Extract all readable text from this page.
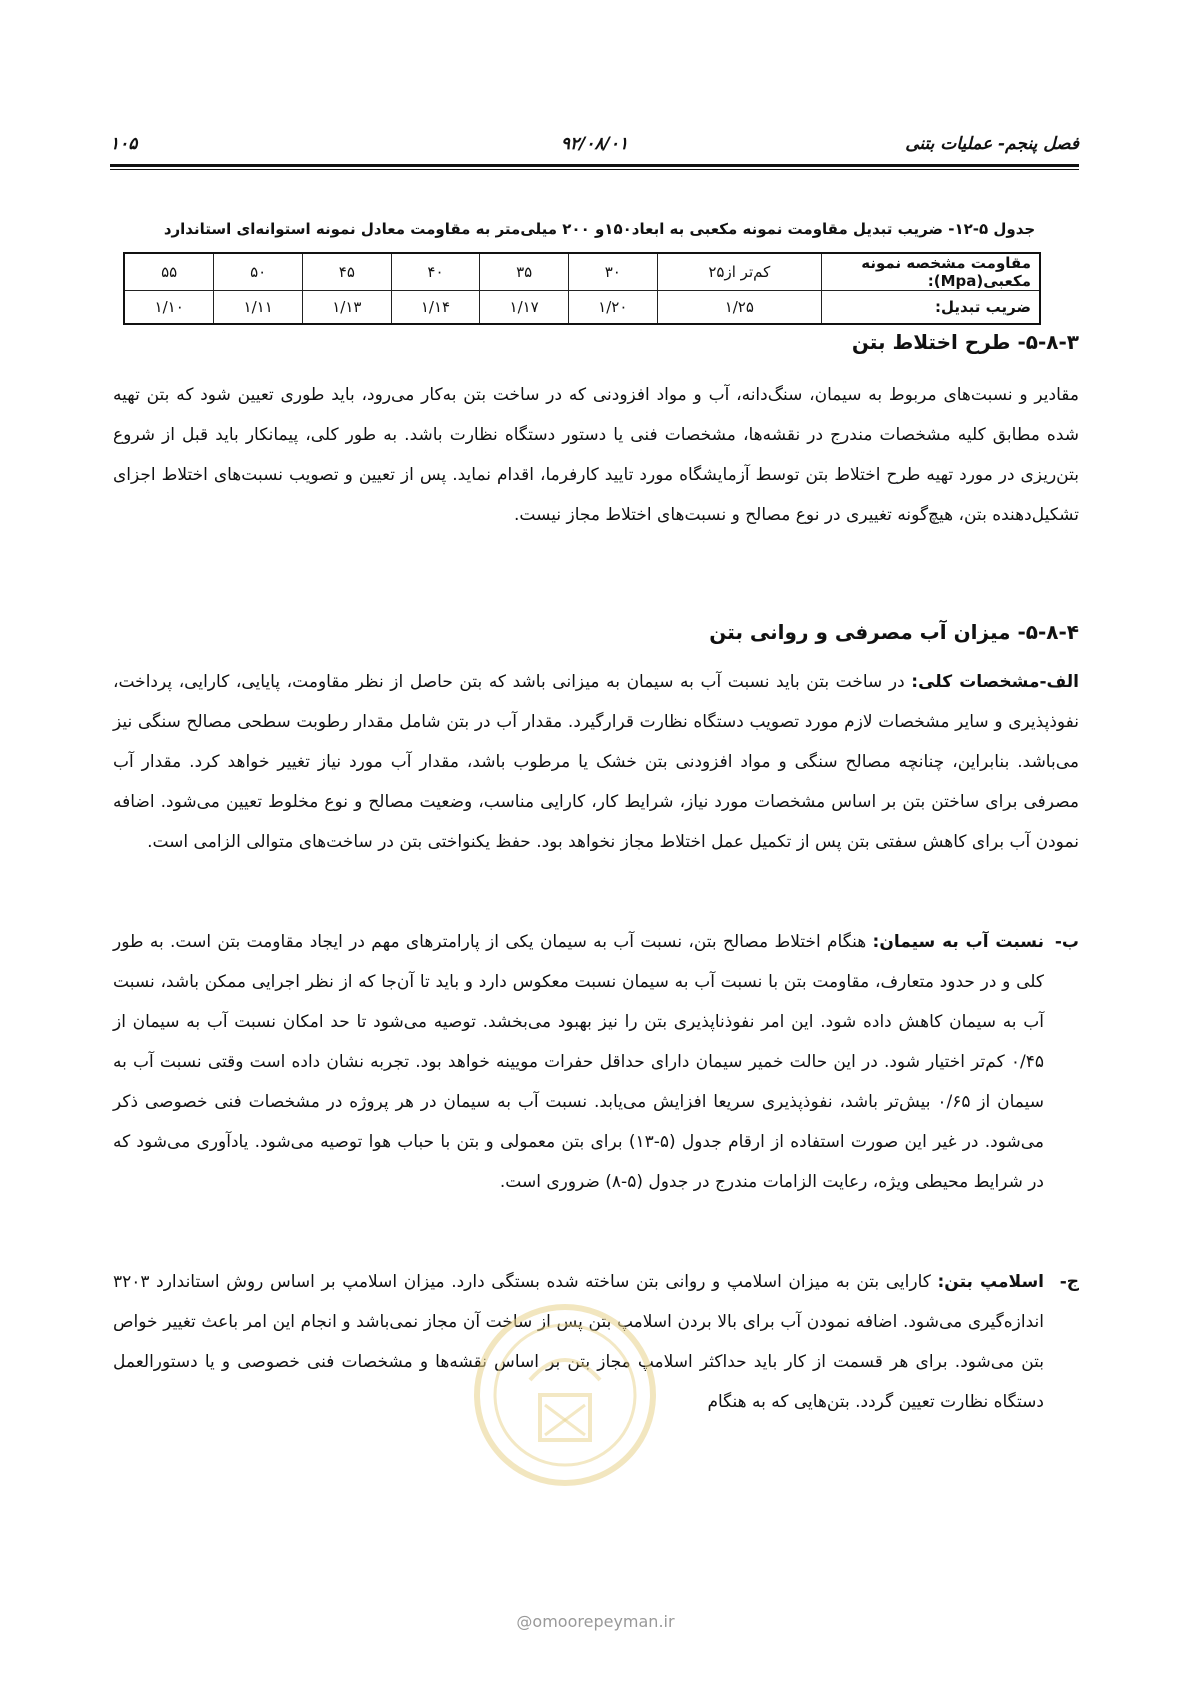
فصل پنجم- عملیات بتنی
۹۲/۰۸/۰۱
۱۰۵
جدول ۵-۱۲- ضریب تبدیل مقاومت نمونه مکعبی به ابعاد۱۵۰و ۲۰۰ میلی‌متر به مقاومت معادل نمونه استوانه‌ای استاندارد
مقاومت مشخصه نمونه مکعبی(Mpa):	کم‌تر از۲۵	۳۰	۳۵	۴۰	۴۵	۵۰	۵۵
ضریب تبدیل:	۱/۲۵	۱/۲۰	۱/۱۷	۱/۱۴	۱/۱۳	۱/۱۱	۱/۱۰
۵-۸-۳- طرح اختلاط بتن
مقادیر و نسبت‌های مربوط به سیمان، سنگ‌دانه، آب و مواد افزودنی که در ساخت بتن به‌کار می‌رود، باید طوری تعیین شود که بتن تهیه شده مطابق کلیه مشخصات مندرج در نقشه‌ها، مشخصات فنی یا دستور دستگاه نظارت باشد. به طور کلی، پیمانکار باید قبل از شروع بتن‌ریزی در مورد تهیه طرح اختلاط بتن توسط آزمایشگاه مورد تایید کارفرما، اقدام نماید. پس از تعیین و تصویب نسبت‌های اختلاط اجزای تشکیل‌دهنده بتن، هیچ‌گونه تغییری در نوع مصالح و نسبت‌های اختلاط مجاز نیست.
۵-۸-۴- میزان آب مصرفی و روانی بتن
الف-مشخصات کلی: در ساخت بتن باید نسبت آب به سیمان به میزانی باشد که بتن حاصل از نظر مقاومت، پایایی، کارایی، پرداخت، نفوذپذیری و سایر مشخصات لازم مورد تصویب دستگاه نظارت قرارگیرد. مقدار آب در بتن شامل مقدار رطوبت سطحی مصالح سنگی نیز می‌باشد. بنابراین، چنانچه مصالح سنگی و مواد افزودنی بتن خشک یا مرطوب باشد، مقدار آب مورد نیاز تغییر خواهد کرد. مقدار آب مصرفی برای ساختن بتن بر اساس مشخصات مورد نیاز، شرایط کار، کارایی مناسب، وضعیت مصالح و نوع مخلوط تعیین می‌شود. اضافه نمودن آب برای کاهش سفتی بتن پس از تکمیل عمل اختلاط مجاز نخواهد بود. حفظ یکنواختی بتن در ساخت‌های متوالی الزامی است.
ب-
نسبت آب به سیمان: هنگام اختلاط مصالح بتن، نسبت آب به سیمان یکی از پارامترهای مهم در ایجاد مقاومت بتن است. به طور کلی و در حدود متعارف، مقاومت بتن با نسبت آب به سیمان نسبت معکوس دارد و باید تا آن‌جا که از نظر اجرایی ممکن باشد، نسبت آب به سیمان کاهش داده شود. این امر نفوذناپذیری بتن را نیز بهبود می‌بخشد. توصیه می‌شود تا حد امکان نسبت آب به سیمان از ۰/۴۵ کم‌تر اختیار شود. در این حالت خمیر سیمان دارای حداقل حفرات مویینه خواهد بود. تجربه نشان داده است وقتی نسبت آب به سیمان از ۰/۶۵ بیش‌تر باشد، نفوذپذیری سریعا افزایش می‌یابد. نسبت آب به سیمان در هر پروژه در مشخصات فنی خصوصی ذکر می‌شود. در غیر این صورت استفاده از ارقام جدول (۵-۱۳) برای بتن معمولی و بتن با حباب هوا توصیه می‌شود. یادآوری می‌شود که در شرایط محیطی ویژه، رعایت الزامات مندرج در جدول (۵-۸) ضروری است.
ج-
اسلامپ بتن: کارایی بتن به میزان اسلامپ و روانی بتن ساخته شده بستگی دارد. میزان اسلامپ بر اساس روش استاندارد ۳۲۰۳ اندازه‌گیری می‌شود. اضافه نمودن آب برای بالا بردن اسلامپ بتن پس از ساخت آن مجاز نمی‌باشد و انجام این امر باعث تغییر خواص بتن می‌شود. برای هر قسمت از کار باید حداکثر اسلامپ مجاز بتن بر اساس نقشه‌ها و مشخصات فنی خصوصی و یا دستورالعمل دستگاه نظارت تعیین گردد. بتن‌هایی که به هنگام
@omoorepeyman.ir
